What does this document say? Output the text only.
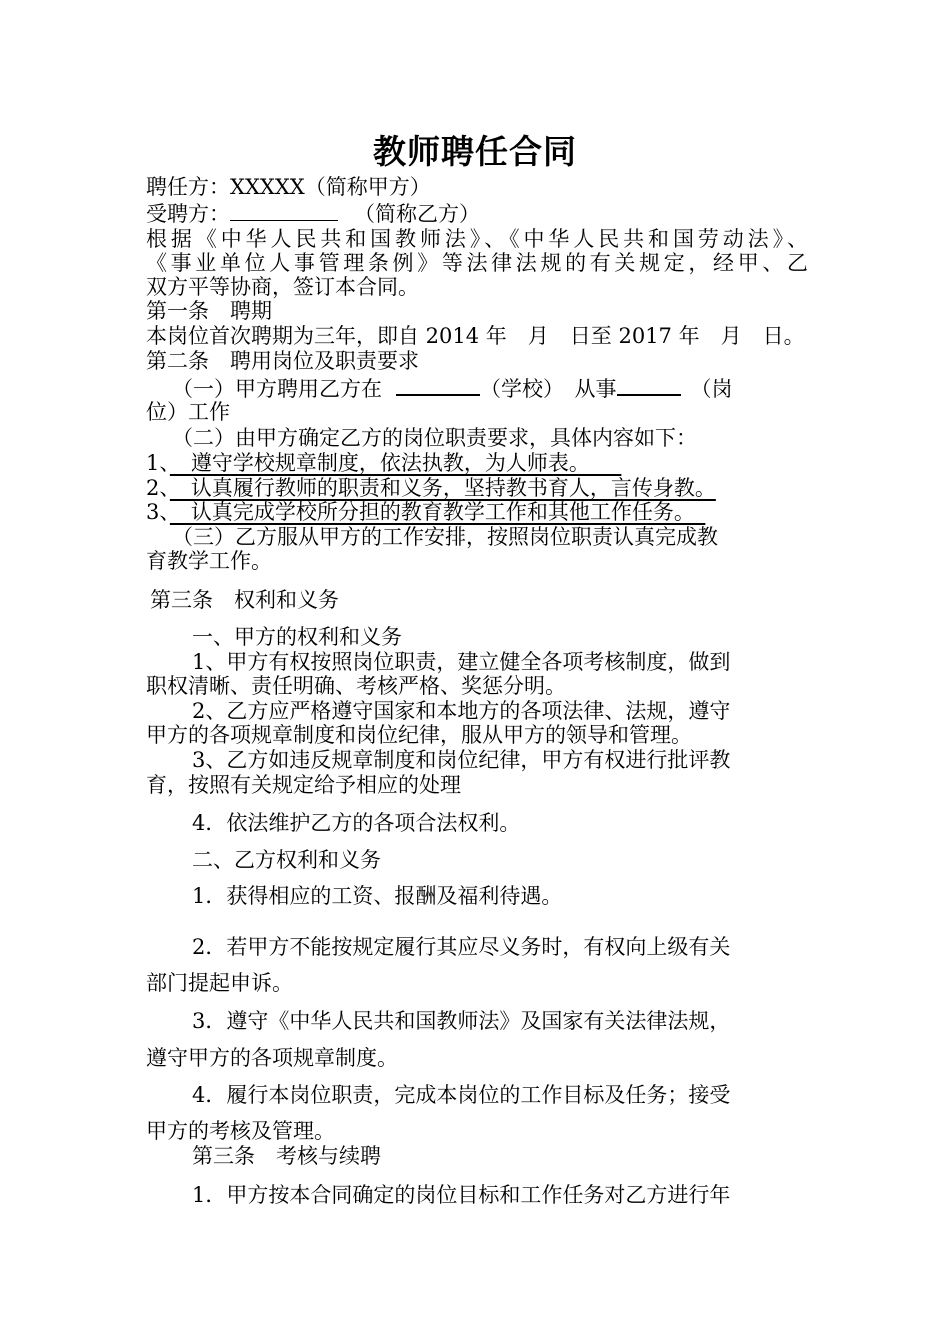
教师聘任合同
聘任方：XXXXX（简称甲方）
受聘方：	（简称乙方）
根据《中华人民共和国教师法》、《中华人民共和国劳动法》、
《事业单位人事管理条例》等法律法规的有关规定，经甲、乙
双方平等协商，签订本合同。
第一条　聘期
本岗位首次聘期为三年，即自 2014 年　月　日至 2017 年　月　日。
第二条　聘用岗位及职责要求
（一）甲方聘用乙方在	（学校）　从事	（岗
位）工作
（二）由甲方确定乙方的岗位职责要求，具体内容如下：
1、　遵守学校规章制度，依法执教，为人师表。　　
2、　认真履行教师的职责和义务，坚持教书育人，言传身教。
3、　认真完成学校所分担的教育教学工作和其他工作任务。　
（三）乙方服从甲方的工作安排，按照岗位职责认真完成教
育教学工作。
第三条　权利和义务
一、甲方的权利和义务
1、甲方有权按照岗位职责，建立健全各项考核制度，做到
职权清晰、责任明确、考核严格、奖惩分明。
2、乙方应严格遵守国家和本地方的各项法律、法规，遵守
甲方的各项规章制度和岗位纪律，服从甲方的领导和管理。
3、乙方如违反规章制度和岗位纪律，甲方有权进行批评教
育，按照有关规定给予相应的处理
4．依法维护乙方的各项合法权利。
二、乙方权利和义务
1．获得相应的工资、报酬及福利待遇。
2．若甲方不能按规定履行其应尽义务时，有权向上级有关
部门提起申诉。
3．遵守《中华人民共和国教师法》及国家有关法律法规，
遵守甲方的各项规章制度。
4．履行本岗位职责，完成本岗位的工作目标及任务；接受
甲方的考核及管理。
第三条　考核与续聘
1．甲方按本合同确定的岗位目标和工作任务对乙方进行年
